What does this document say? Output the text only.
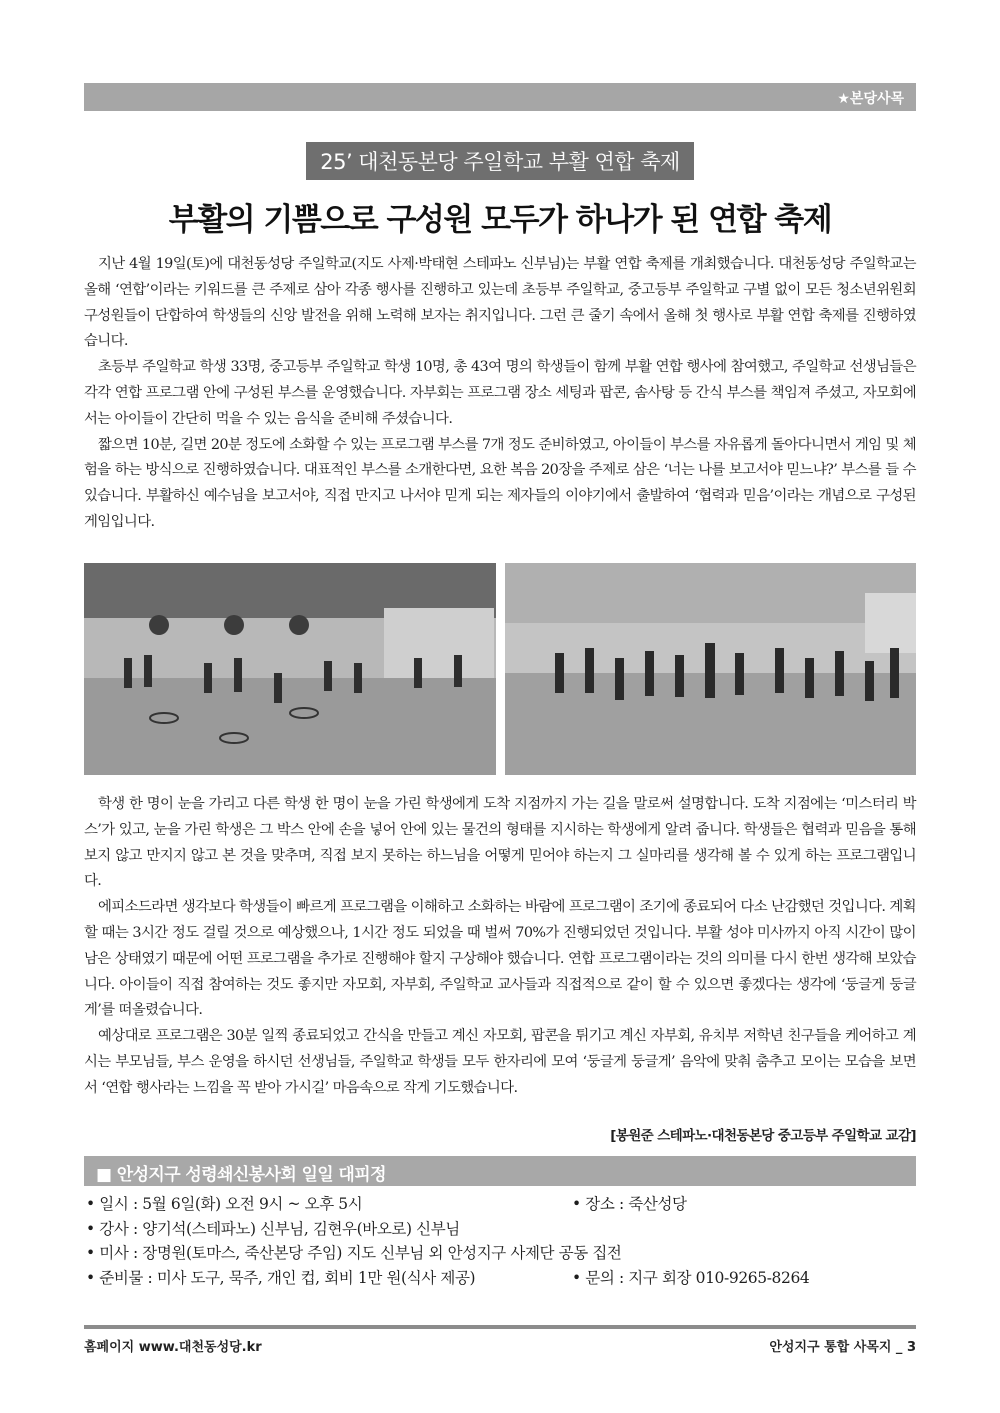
★본당사목
25’ 대천동본당 주일학교 부활 연합 축제
부활의 기쁨으로 구성원 모두가 하나가 된 연합 축제

지난 4월 19일(토)에 대천동성당 주일학교(지도 사제·박태현 스테파노 신부님)는 부활 연합 축제를 개최했습니다. 대천동성당 주일학교는 올해 ‘연합’이라는 키워드를 큰 주제로 삼아 각종 행사를 진행하고 있는데 초등부 주일학교, 중고등부 주일학교 구별 없이 모든 청소년위원회 구성원들이 단합하여 학생들의 신앙 발전을 위해 노력해 보자는 취지입니다. 그런 큰 줄기 속에서 올해 첫 행사로 부활 연합 축제를 진행하였습니다.

초등부 주일학교 학생 33명, 중고등부 주일학교 학생 10명, 총 43여 명의 학생들이 함께 부활 연합 행사에 참여했고, 주일학교 선생님들은 각각 연합 프로그램 안에 구성된 부스를 운영했습니다. 자부회는 프로그램 장소 세팅과 팝콘, 솜사탕 등 간식 부스를 책임져 주셨고, 자모회에서는 아이들이 간단히 먹을 수 있는 음식을 준비해 주셨습니다.

짧으면 10분, 길면 20분 정도에 소화할 수 있는 프로그램 부스를 7개 정도 준비하였고, 아이들이 부스를 자유롭게 돌아다니면서 게임 및 체험을 하는 방식으로 진행하였습니다. 대표적인 부스를 소개한다면, 요한 복음 20장을 주제로 삼은 ‘너는 나를 보고서야 믿느냐?’ 부스를 들 수 있습니다. 부활하신 예수님을 보고서야, 직접 만지고 나서야 믿게 되는 제자들의 이야기에서 출발하여 ‘협력과 믿음’이라는 개념으로 구성된 게임입니다.

학생 한 명이 눈을 가리고 다른 학생 한 명이 눈을 가린 학생에게 도착 지점까지 가는 길을 말로써 설명합니다. 도착 지점에는 ‘미스터리 박스’가 있고, 눈을 가린 학생은 그 박스 안에 손을 넣어 안에 있는 물건의 형태를 지시하는 학생에게 알려 줍니다. 학생들은 협력과 믿음을 통해 보지 않고 만지지 않고 본 것을 맞추며, 직접 보지 못하는 하느님을 어떻게 믿어야 하는지 그 실마리를 생각해 볼 수 있게 하는 프로그램입니다.

에피소드라면 생각보다 학생들이 빠르게 프로그램을 이해하고 소화하는 바람에 프로그램이 조기에 종료되어 다소 난감했던 것입니다. 계획할 때는 3시간 정도 걸릴 것으로 예상했으나, 1시간 정도 되었을 때 벌써 70%가 진행되었던 것입니다. 부활 성야 미사까지 아직 시간이 많이 남은 상태였기 때문에 어떤 프로그램을 추가로 진행해야 할지 구상해야 했습니다. 연합 프로그램이라는 것의 의미를 다시 한번 생각해 보았습니다. 아이들이 직접 참여하는 것도 좋지만 자모회, 자부회, 주일학교 교사들과 직접적으로 같이 할 수 있으면 좋겠다는 생각에 ‘둥글게 둥글게’를 떠올렸습니다.

예상대로 프로그램은 30분 일찍 종료되었고 간식을 만들고 계신 자모회, 팝콘을 튀기고 계신 자부회, 유치부 저학년 친구들을 케어하고 계시는 부모님들, 부스 운영을 하시던 선생님들, 주일학교 학생들 모두 한자리에 모여 ‘둥글게 둥글게’ 음악에 맞춰 춤추고 모이는 모습을 보면서 ‘연합 행사라는 느낌을 꼭 받아 가시길’ 마음속으로 작게 기도했습니다.

[봉원준 스테파노·대천동본당 중고등부 주일학교 교감]
■ 안성지구 성령쇄신봉사회 일일 대피정
• 일시 : 5월 6일(화) 오전 9시 ~ 오후 5시	• 장소 : 죽산성당
• 강사 : 양기석(스테파노) 신부님, 김현우(바오로) 신부님
• 미사 : 장명원(토마스, 죽산본당 주임) 지도 신부님 외 안성지구 사제단 공동 집전
• 준비물 : 미사 도구, 묵주, 개인 컵, 회비 1만 원(식사 제공)	• 문의 : 지구 회장 010-9265-8264
홈페이지 www.대천동성당.kr	안성지구 통합 사목지 _ 3
